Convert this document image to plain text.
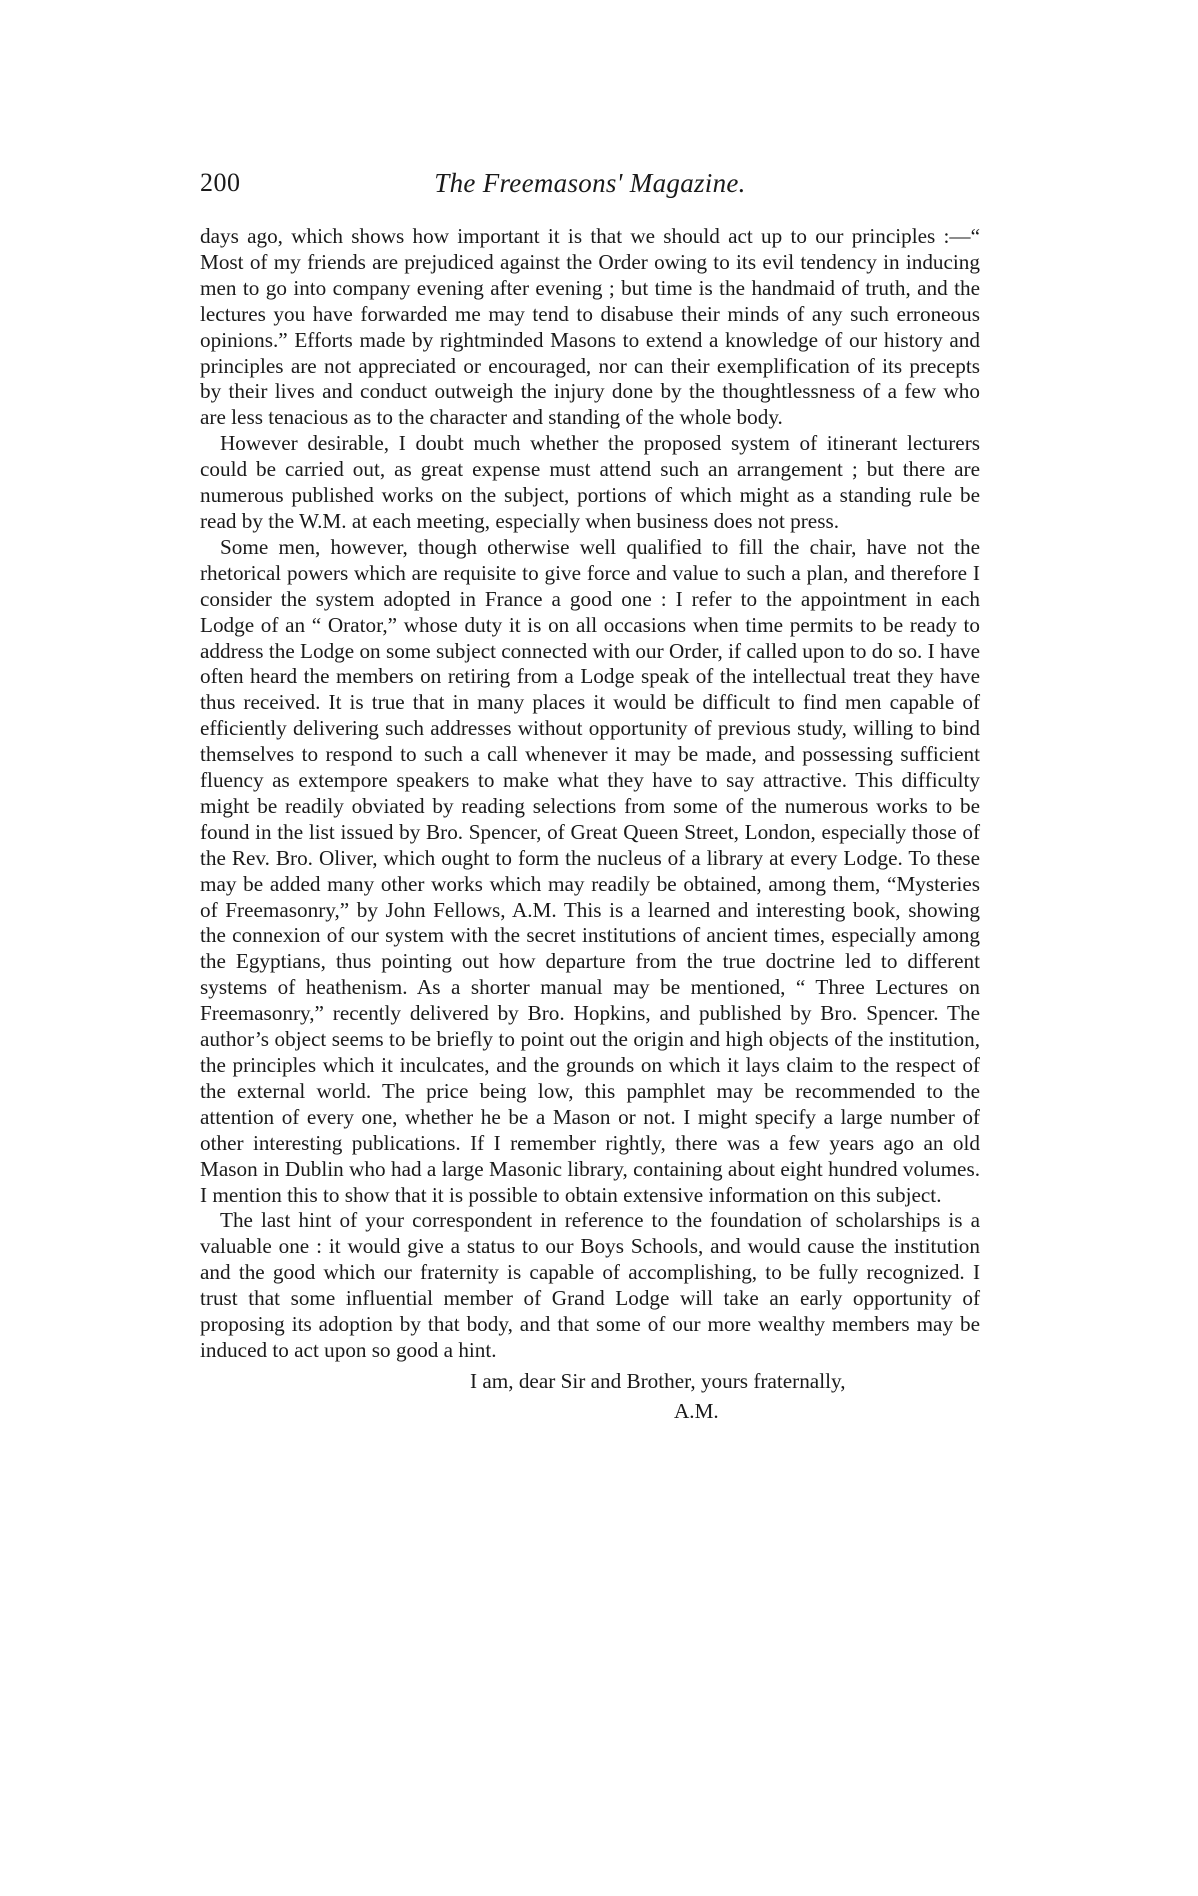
200	The Freemasons' Magazine.

days ago, which shows how important it is that we should act up to our principles :—“ Most of my friends are prejudiced against the Order owing to its evil tendency in inducing men to go into company evening after evening ; but time is the handmaid of truth, and the lectures you have forwarded me may tend to disabuse their minds of any such erroneous opinions.” Efforts made by rightminded Masons to extend a knowledge of our history and principles are not appreciated or encouraged, nor can their exemplification of its precepts by their lives and conduct outweigh the injury done by the thoughtlessness of a few who are less tenacious as to the character and standing of the whole body.

However desirable, I doubt much whether the proposed system of itinerant lecturers could be carried out, as great expense must attend such an arrangement ; but there are numerous published works on the subject, portions of which might as a standing rule be read by the W.M. at each meeting, especially when business does not press.

Some men, however, though otherwise well qualified to fill the chair, have not the rhetorical powers which are requisite to give force and value to such a plan, and therefore I consider the system adopted in France a good one : I refer to the appointment in each Lodge of an “ Orator,” whose duty it is on all occasions when time permits to be ready to address the Lodge on some subject connected with our Order, if called upon to do so. I have often heard the members on retiring from a Lodge speak of the intellectual treat they have thus received. It is true that in many places it would be difficult to find men capable of efficiently delivering such addresses without opportunity of previous study, willing to bind themselves to respond to such a call whenever it may be made, and possessing sufficient fluency as extempore speakers to make what they have to say attractive. This difficulty might be readily obviated by reading selections from some of the numerous works to be found in the list issued by Bro. Spencer, of Great Queen Street, London, especially those of the Rev. Bro. Oliver, which ought to form the nucleus of a library at every Lodge. To these may be added many other works which may readily be obtained, among them, “Mysteries of Freemasonry,” by John Fellows, A.M. This is a learned and interesting book, showing the connexion of our system with the secret institutions of ancient times, especially among the Egyptians, thus pointing out how departure from the true doctrine led to different systems of heathenism. As a shorter manual may be mentioned, “ Three Lectures on Freemasonry,” recently delivered by Bro. Hopkins, and published by Bro. Spencer. The author’s object seems to be briefly to point out the origin and high objects of the institution, the principles which it inculcates, and the grounds on which it lays claim to the respect of the external world. The price being low, this pamphlet may be recommended to the attention of every one, whether he be a Mason or not. I might specify a large number of other interesting publications. If I remember rightly, there was a few years ago an old Mason in Dublin who had a large Masonic library, containing about eight hundred volumes. I mention this to show that it is possible to obtain extensive information on this subject.

The last hint of your correspondent in reference to the foundation of scholarships is a valuable one : it would give a status to our Boys Schools, and would cause the institution and the good which our fraternity is capable of accomplishing, to be fully recognized. I trust that some influential member of Grand Lodge will take an early opportunity of proposing its adoption by that body, and that some of our more wealthy members may be induced to act upon so good a hint.

I am, dear Sir and Brother, yours fraternally,
A.M.
